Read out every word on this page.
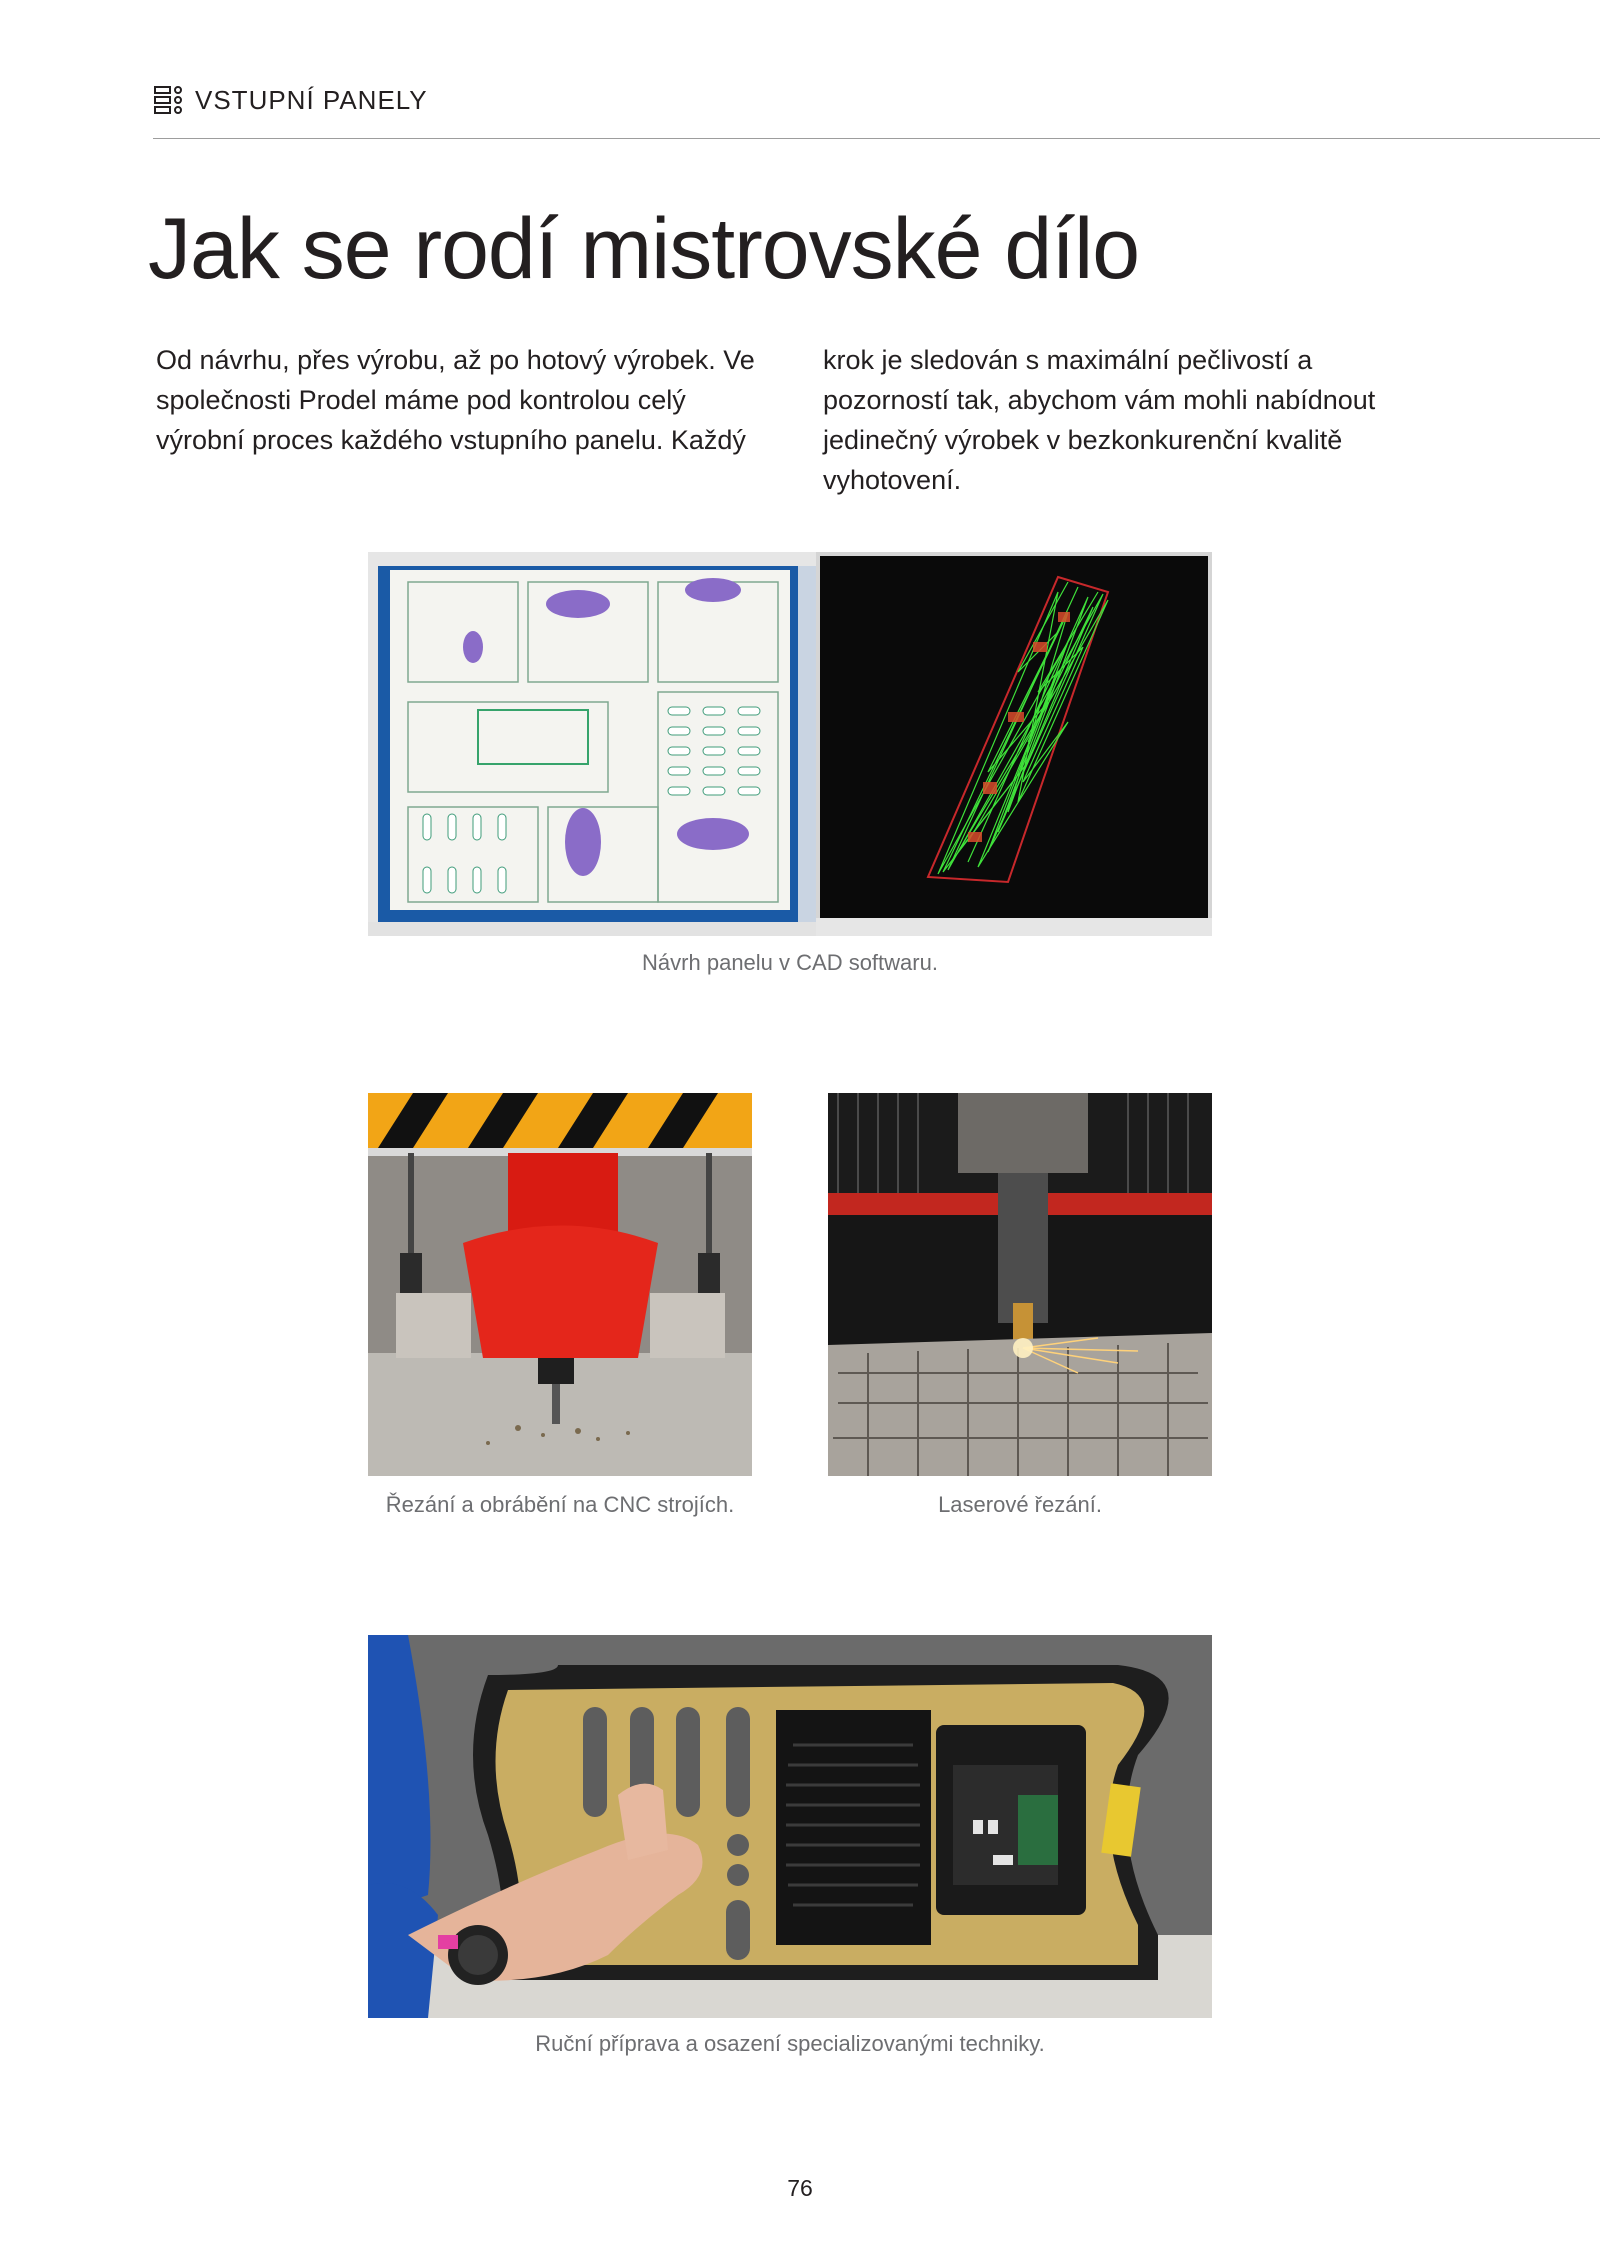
VSTUPNÍ PANELY
Jak se rodí mistrovské dílo

Od návrhu, přes výrobu, až po hotový výrobek. Ve společnosti Prodel máme pod kontrolou celý výrobní proces každého vstupního panelu. Každý

krok je sledován s maximální pečlivostí a pozorností tak, abychom vám mohli nabídnout jedinečný výrobek v bezkonkurenční kvalitě vyhotovení.

Návrh panelu v CAD softwaru.
Řezání a obrábění na CNC strojích.	Laserové řezání.
Ruční příprava a osazení specializovanými techniky.
76
